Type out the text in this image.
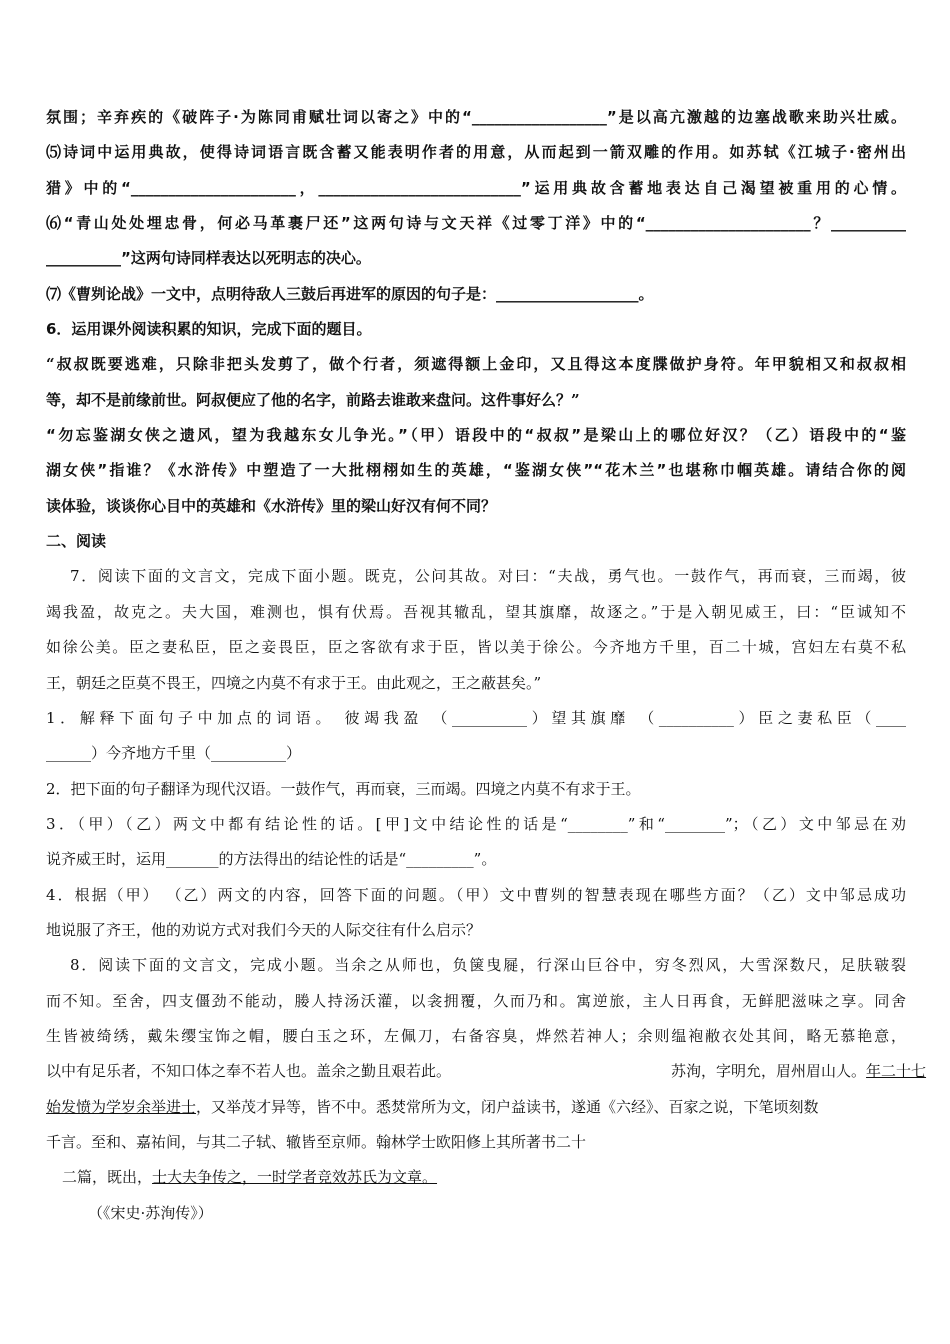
氛围；辛弃疾的《破阵子·为陈同甫赋壮词以寄之》中的“__________________”是以高亢激越的边塞战歌来助兴壮威。
⑸诗词中运用典故，使得诗词语言既含蓄又能表明作者的用意，从而起到一箭双雕的作用。如苏轼《江城子·密州出
猎》中的“______________________，___________________________”运用典故含蓄地表达自己渴望被重用的心情。
⑹“青山处处埋忠骨，何必马革裹尸还”这两句诗与文天祥《过零丁洋》中的“______________________？__________
__________”这两句诗同样表达以死明志的决心。
⑺《曹刿论战》一文中，点明待敌人三鼓后再进军的原因的句子是：___________________。
6．运用课外阅读积累的知识，完成下面的题目。
“叔叔既要逃难，只除非把头发剪了，做个行者，须遮得额上金印，又且得这本度牒做护身符。年甲貌相又和叔叔相
等，却不是前缘前世。阿叔便应了他的名字，前路去谁敢来盘问。这件事好么？”
“勿忘鉴湖女侠之遗风，望为我越东女儿争光。”（甲）语段中的“叔叔”是梁山上的哪位好汉？（乙）语段中的“鉴
湖女侠”指谁？《水浒传》中塑造了一大批栩栩如生的英雄，“鉴湖女侠”“花木兰”也堪称巾帼英雄。请结合你的阅
读体验，谈谈你心目中的英雄和《水浒传》里的梁山好汉有何不同？
二、阅读
7．阅读下面的文言文，完成下面小题。既克，公问其故。对曰：“夫战，勇气也。一鼓作气，再而衰，三而竭，彼
竭我盈，故克之。夫大国，难测也，惧有伏焉。吾视其辙乱，望其旗靡，故逐之。”于是入朝见威王，曰：“臣诚知不
如徐公美。臣之妻私臣，臣之妾畏臣，臣之客欲有求于臣，皆以美于徐公。今齐地方千里，百二十城，宫妇左右莫不私
王，朝廷之臣莫不畏王，四境之内莫不有求于王。由此观之，王之蔽甚矣。”
1．解释下面句子中加点的词语。 彼竭我盈 （__________）望其旗靡 （__________）臣之妻私臣（____
______）今齐地方千里（__________）
2．把下面的句子翻译为现代汉语。一鼓作气，再而衰，三而竭。四境之内莫不有求于王。
3．（甲）（乙）两文中都有结论性的话。[甲]文中结论性的话是“________”和“________”；（乙）文中邹忌在劝
说齐威王时，运用_______的方法得出的结论性的话是“_________”。
4．根据（甲） （乙）两文的内容，回答下面的问题。（甲）文中曹刿的智慧表现在哪些方面？（乙）文中邹忌成功
地说服了齐王，他的劝说方式对我们今天的人际交往有什么启示？
8．阅读下面的文言文，完成小题。当余之从师也，负箧曳屣，行深山巨谷中，穷冬烈风，大雪深数尺，足肤皲裂
而不知。至舍，四支僵劲不能动，媵人持汤沃灌，以衾拥覆，久而乃和。寓逆旅，主人日再食，无鲜肥滋味之享。同舍
生皆被绮绣，戴朱缨宝饰之帽，腰白玉之环，左佩刀，右备容臭，烨然若神人；余则缊袍敝衣处其间，略无慕艳意，
以中有足乐者，不知口体之奉不若人也。盖余之勤且艰若此。	苏洵，字明允，眉州眉山人。年二十七
始发愤为学岁余举进士，又举茂才异等，皆不中。悉焚常所为文，闭户益读书，遂通《六经》、百家之说，下笔顷刻数
千言。至和、嘉祐间，与其二子轼、辙皆至京师。翰林学士欧阳修上其所著书二十
二篇，既出，士大夫争传之，一时学者竞效苏氏为文章。
（《宋史·苏洵传》）
